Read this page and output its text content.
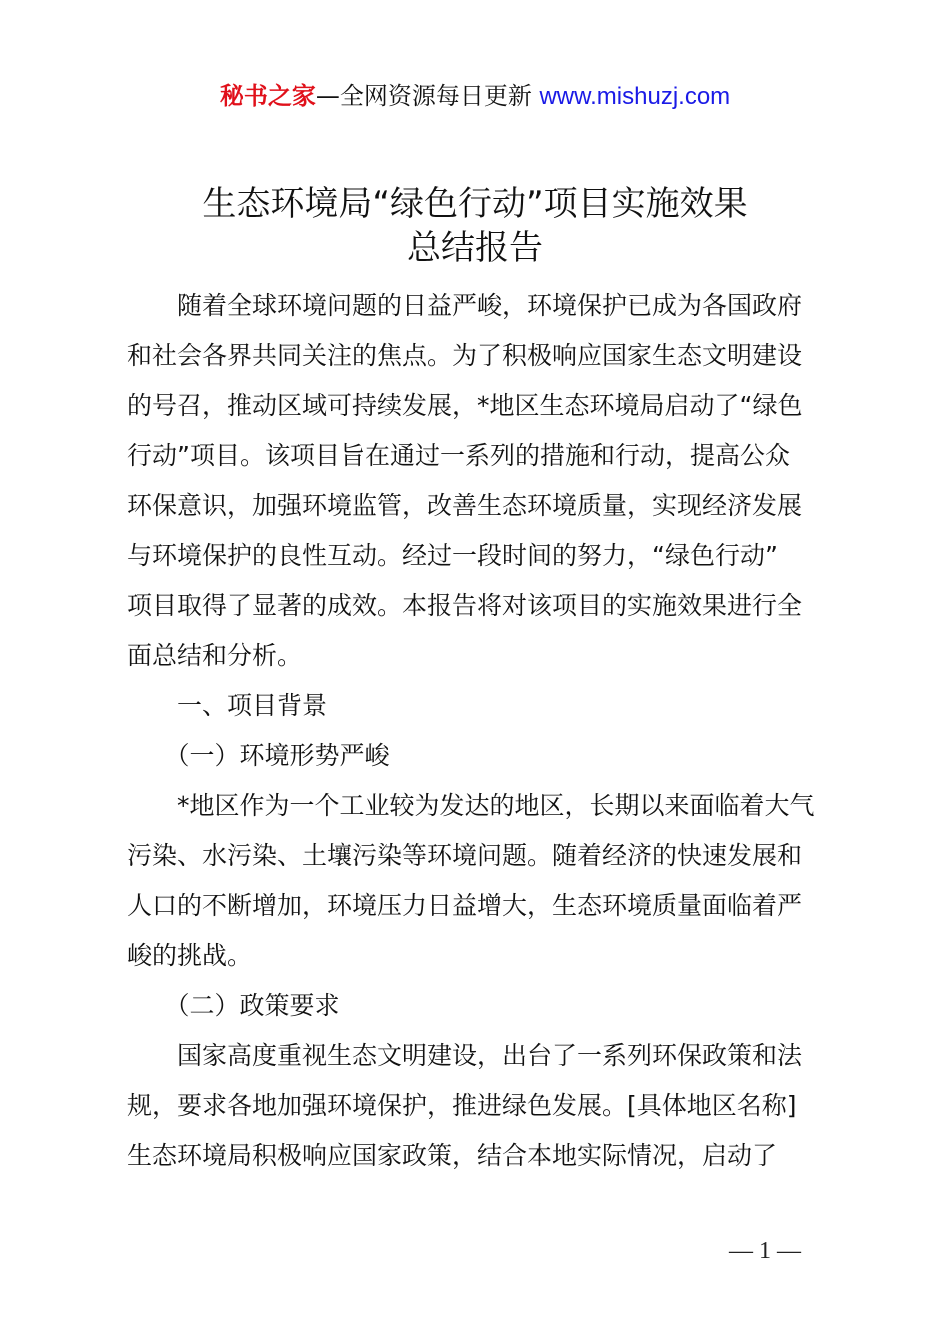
秘书之家—全网资源每日更新 www.mishuzj.com
生态环境局“绿色行动”项目实施效果
总结报告

　　随着全球环境问题的日益严峻，环境保护已成为各国政府

和社会各界共同关注的焦点。为了积极响应国家生态文明建设

的号召，推动区域可持续发展，*地区生态环境局启动了“绿色

行动”项目。该项目旨在通过一系列的措施和行动，提高公众

环保意识，加强环境监管，改善生态环境质量，实现经济发展

与环境保护的良性互动。经过一段时间的努力，“绿色行动”

项目取得了显著的成效。本报告将对该项目的实施效果进行全

面总结和分析。

　　一、项目背景

　　（一）环境形势严峻

　　*地区作为一个工业较为发达的地区，长期以来面临着大气

污染、水污染、土壤污染等环境问题。随着经济的快速发展和

人口的不断增加，环境压力日益增大，生态环境质量面临着严

峻的挑战。

　　（二）政策要求

　　国家高度重视生态文明建设，出台了一系列环保政策和法

规，要求各地加强环境保护，推进绿色发展。[具体地区名称]

生态环境局积极响应国家政策，结合本地实际情况，启动了

— 1 —
